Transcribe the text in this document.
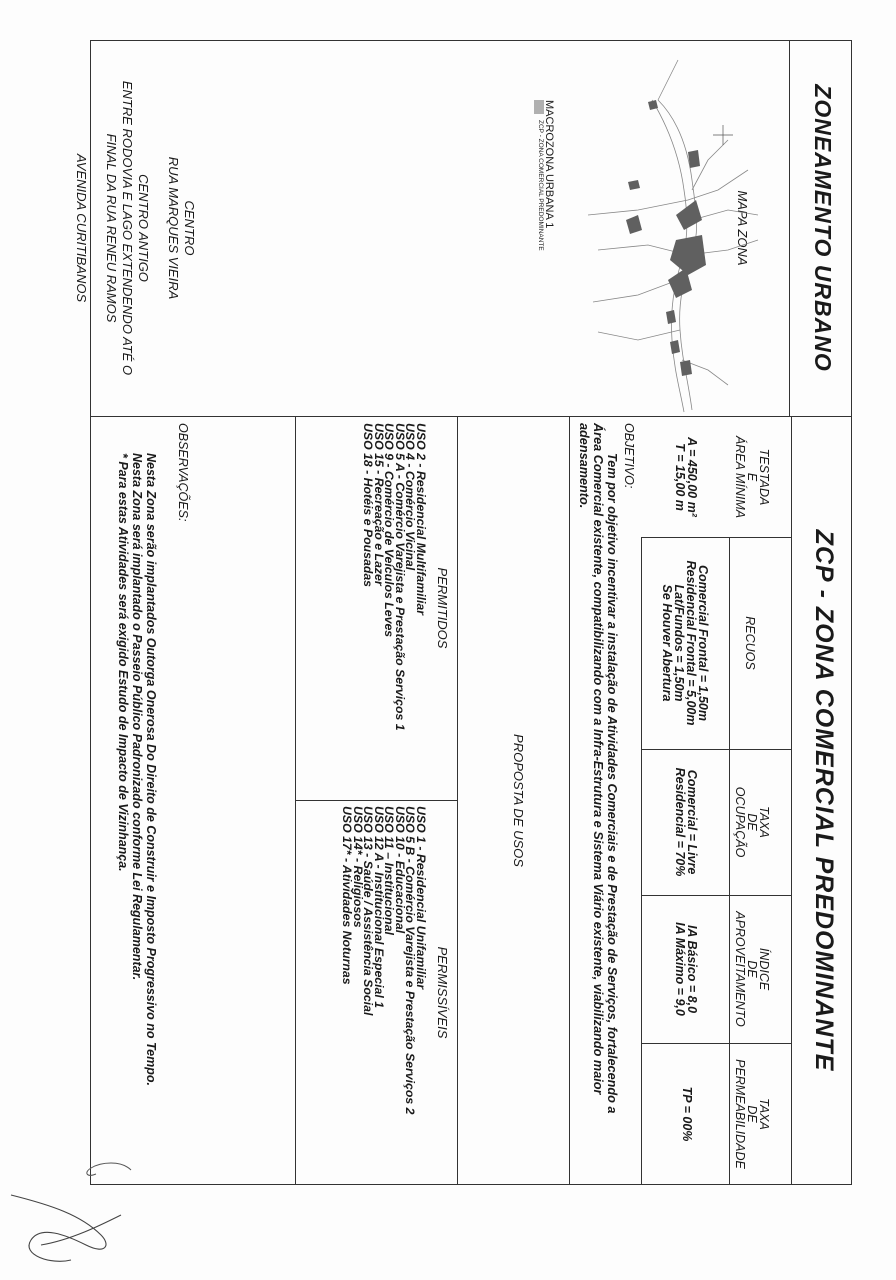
ZONEAMENTO URBANO
MAPA ZONA
MACROZONA URBANA 1
ZCP - ZONA COMERCIAL PREDOMINANTE
CENTRO
RUA MARQUES VIEIRA
CENTRO ANTIGO
ENTRE RODOVIA E LAGO EXTENDENDO ATÉ O
FINAL DA RUA RENEU RAMOS
AVENIDA CURITIBANOS
ZCP - ZONA COMERCIAL PREDOMINANTE
TESTADA
E
ÁREA MÍNIMA
RECUOS
TAXA
DE
OCUPAÇÃO
ÍNDICE
DE
APROVEITAMENTO
TAXA
DE
PERMEABILIDADE
A = 450,00 m²
T = 15,00 m
Comercial Frontal = 1,50m
Residencial Frontal = 5,00m
Lat/Fundos = 1,50m
Se Houver Abertura
Comercial = Livre
Residencial = 70%
IA Básico = 8,0
IA Máximo = 9,0
TP = 00%
OBJETIVO:
Tem por objetivo incentivar a instalação de Atividades Comerciais e de Prestação de Serviços, fortalecendo a
Área Comercial existente, compatibilizando com a Infra-Estrutura e Sistema Viário existente, viabilizando maior
adensamento.
PROPOSTA DE USOS
PERMITIDOS
USO 2 - Residencial Multifamiliar
USO 4 - Comércio Vicinal
USO 5 A - Comércio Varejista e Prestação Serviços 1
USO 9 - Comércio de Veículos Leves
USO 15 - Recreação e Lazer
USO 18 - Hotéis e Pousadas
PERMISSÍVEIS
USO 1 - Residencial Unifamiliar
USO 5 B - Comércio Varejista e Prestação Serviços 2
USO 10 - Educacional
USO 11 – Institucional
USO 12 A - Institucional Especial 1
USO 13 - Saúde / Assistência Social
USO 14* - Religiosos
USO 17* - Atividades Noturnas
OBSERVAÇÕES:
Nesta Zona serão implantados Outorga Onerosa Do Direito de Construir e Imposto Progressivo no Tempo.
Nesta Zona será implantado o Passeio Público Padronizado conforme Lei Regulamentar.
* Para estas Atividades será exigido Estudo de Impacto de Vizinhança.
